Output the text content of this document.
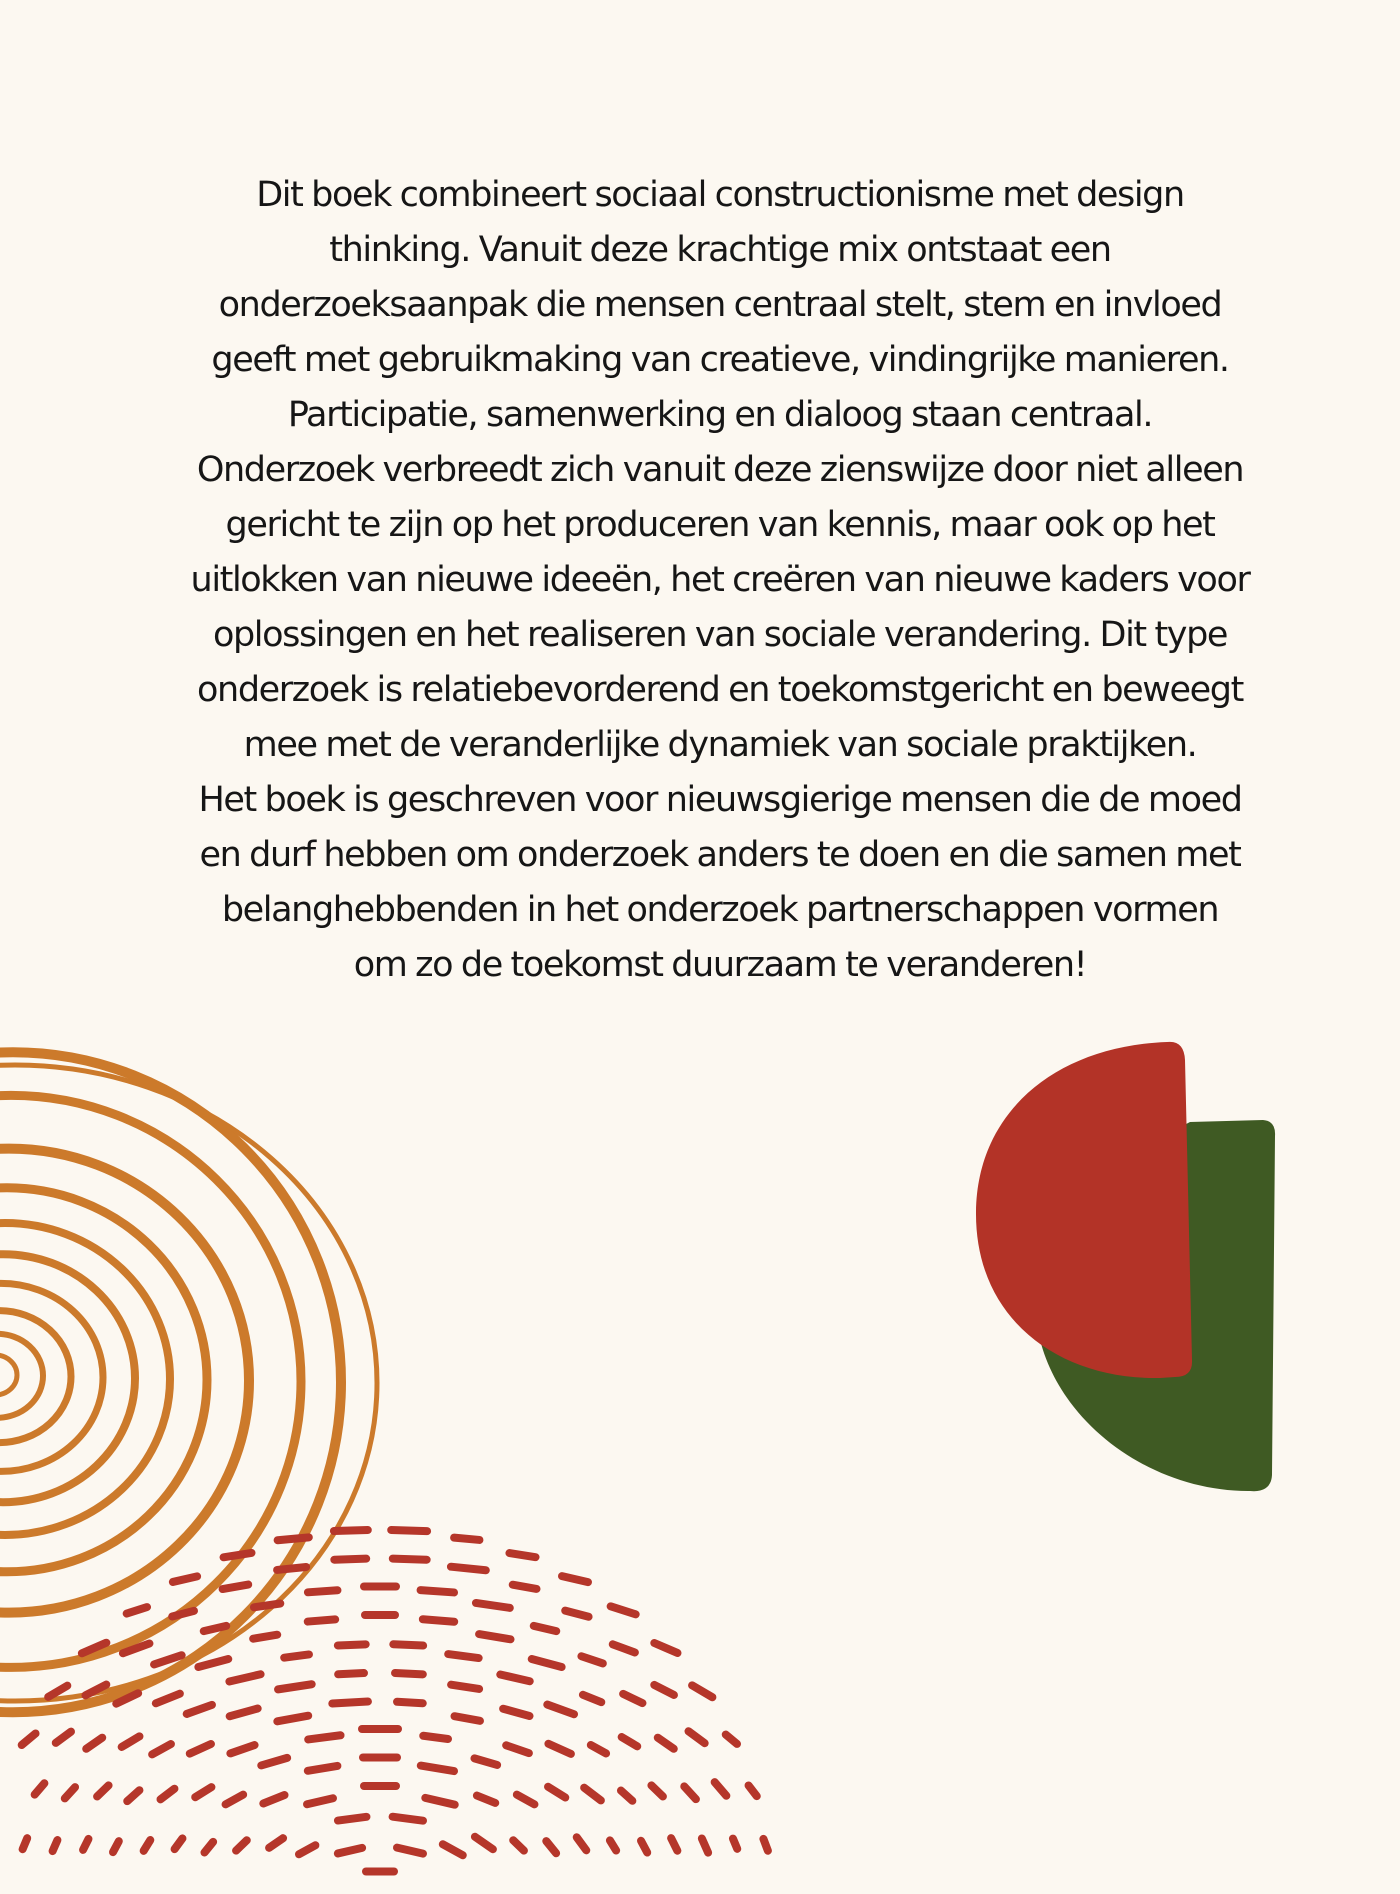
Dit boek combineert sociaal constructionisme met design
thinking. Vanuit deze krachtige mix ontstaat een
onderzoeksaanpak die mensen centraal stelt, stem en invloed
geeft met gebruikmaking van creatieve, vindingrijke manieren.
Participatie, samenwerking en dialoog staan centraal.
Onderzoek verbreedt zich vanuit deze zienswijze door niet alleen
gericht te zijn op het produceren van kennis, maar ook op het
uitlokken van nieuwe ideeën, het creëren van nieuwe kaders voor
oplossingen en het realiseren van sociale verandering. Dit type
onderzoek is relatiebevorderend en toekomstgericht en beweegt
mee met de veranderlijke dynamiek van sociale praktijken.
Het boek is geschreven voor nieuwsgierige mensen die de moed
en durf hebben om onderzoek anders te doen en die samen met
belanghebbenden in het onderzoek partnerschappen vormen
om zo de toekomst duurzaam te veranderen!
